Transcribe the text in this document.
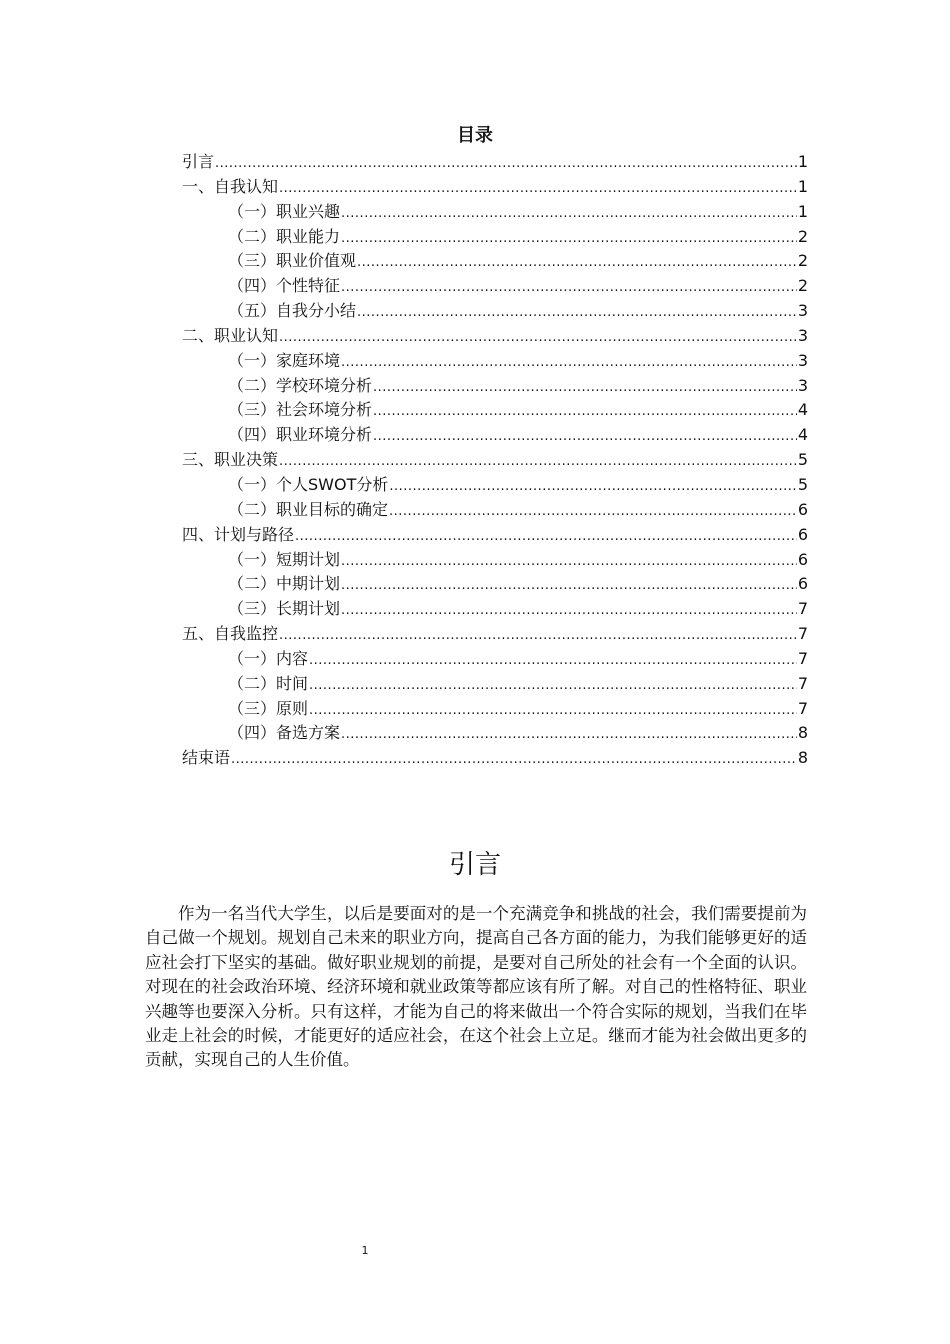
目录
引言 .....	1
一、 自我认知 .....	1
（一） 职业兴趣 .....	1
（二） 职业能力 .....	2
（三） 职业价值观 .....	2
（四） 个性特征 .....	2
（五） 自我分小结 .....	3
二、 职业认知 .....	3
（一） 家庭环境 .....	3
（二） 学校环境分析 .....	3
（三） 社会环境分析 .....	4
（四） 职业环境分析 .....	4
三、 职业决策 .....	5
（一） 个人SWOT分析 .....	5
（二） 职业目标的确定 .....	6
四、 计划与路径 .....	6
（一） 短期计划 .....	6
（二） 中期计划 .....	6
（三） 长期计划 .....	7
五、 自我监控 .....	7
（一） 内容 .....	7
（二） 时间 .....	7
（三） 原则 .....	7
（四） 备选方案 .....	8
结束语 .....	8
引言

作为一名当代大学生，以后是要面对的是一个充满竞争和挑战的社会，我们需要提前为自己做一个规划。规划自己未来的职业方向，提高自己各方面的能力，为我们能够更好的适应社会打下坚实的基础。做好职业规划的前提，是要对自己所处的社会有一个全面的认识。对现在的社会政治环境、经济环境和就业政策等都应该有所了解。对自己的性格特征、职业兴趣等也要深入分析。只有这样，才能为自己的将来做出一个符合实际的规划，当我们在毕业走上社会的时候，才能更好的适应社会，在这个社会上立足。继而才能为社会做出更多的贡献，实现自己的人生价值。

1
